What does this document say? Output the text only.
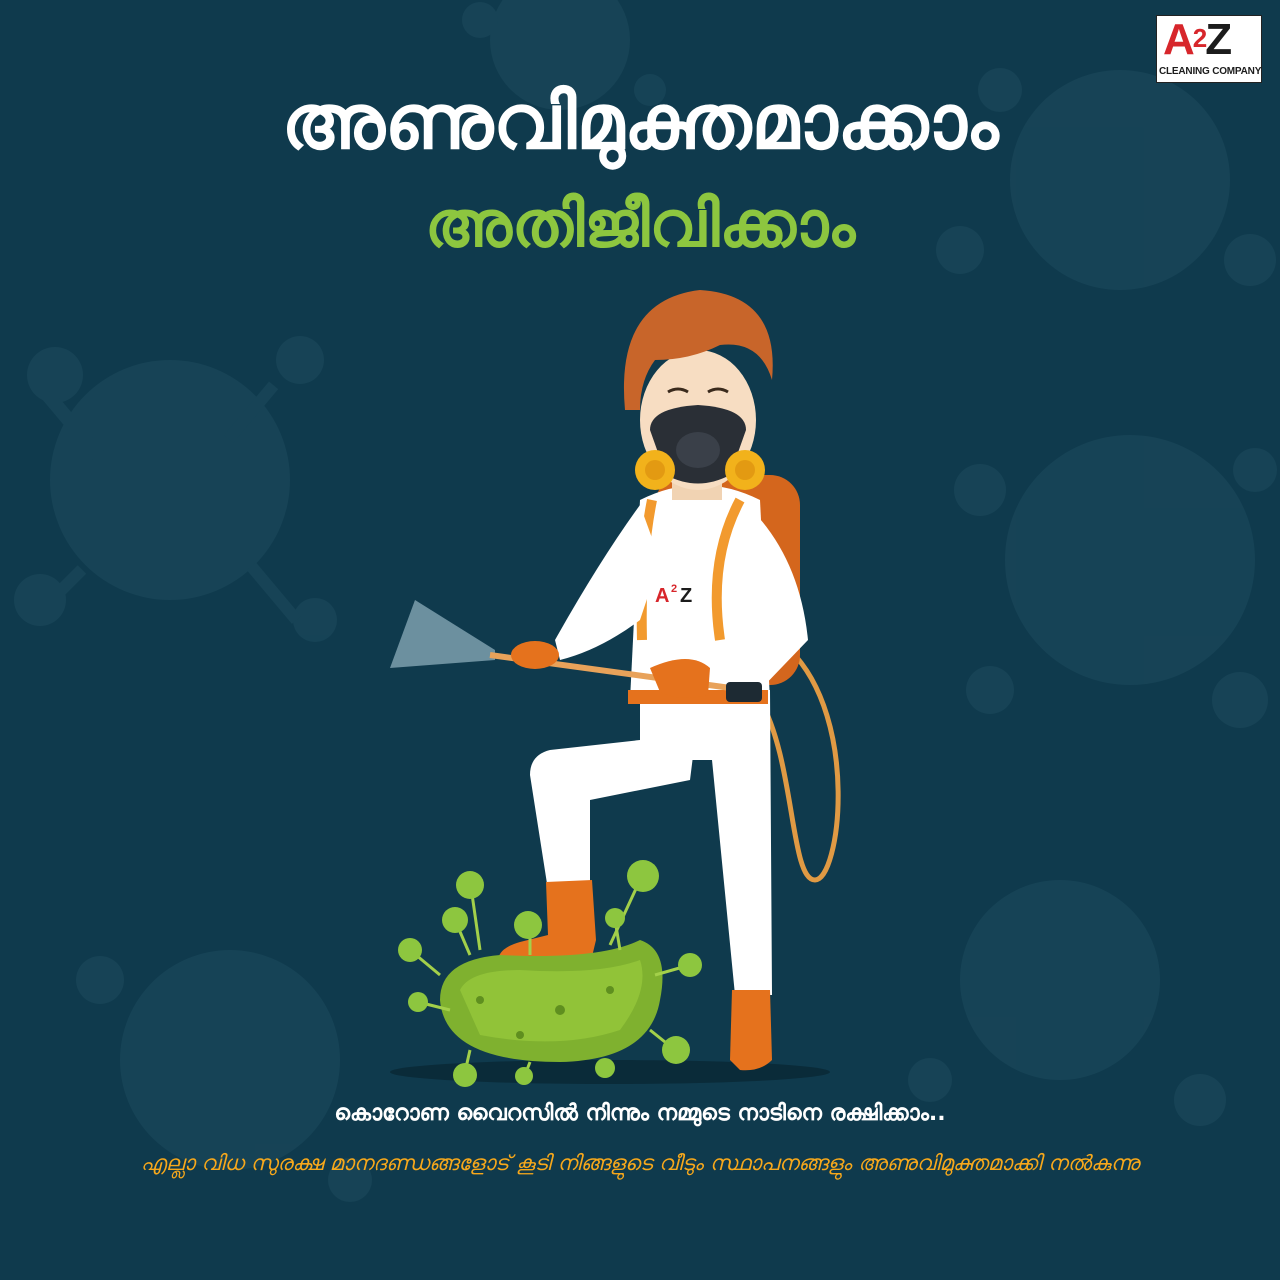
$A^2Z$
CLEANING COMPANY
അണുവിമുക്തമാക്കാം
അതിജീവിക്കാം
A 2 Z
കൊറോണ വൈറസിൽ നിന്നും നമ്മുടെ നാടിനെ രക്ഷിക്കാം..
എല്ലാ വിധ സുരക്ഷ മാനദണ്ഡങ്ങളോട് കൂടി നിങ്ങളുടെ വീടും സ്ഥാപനങ്ങളും അണുവിമുക്തമാക്കി നൽകുന്നു
